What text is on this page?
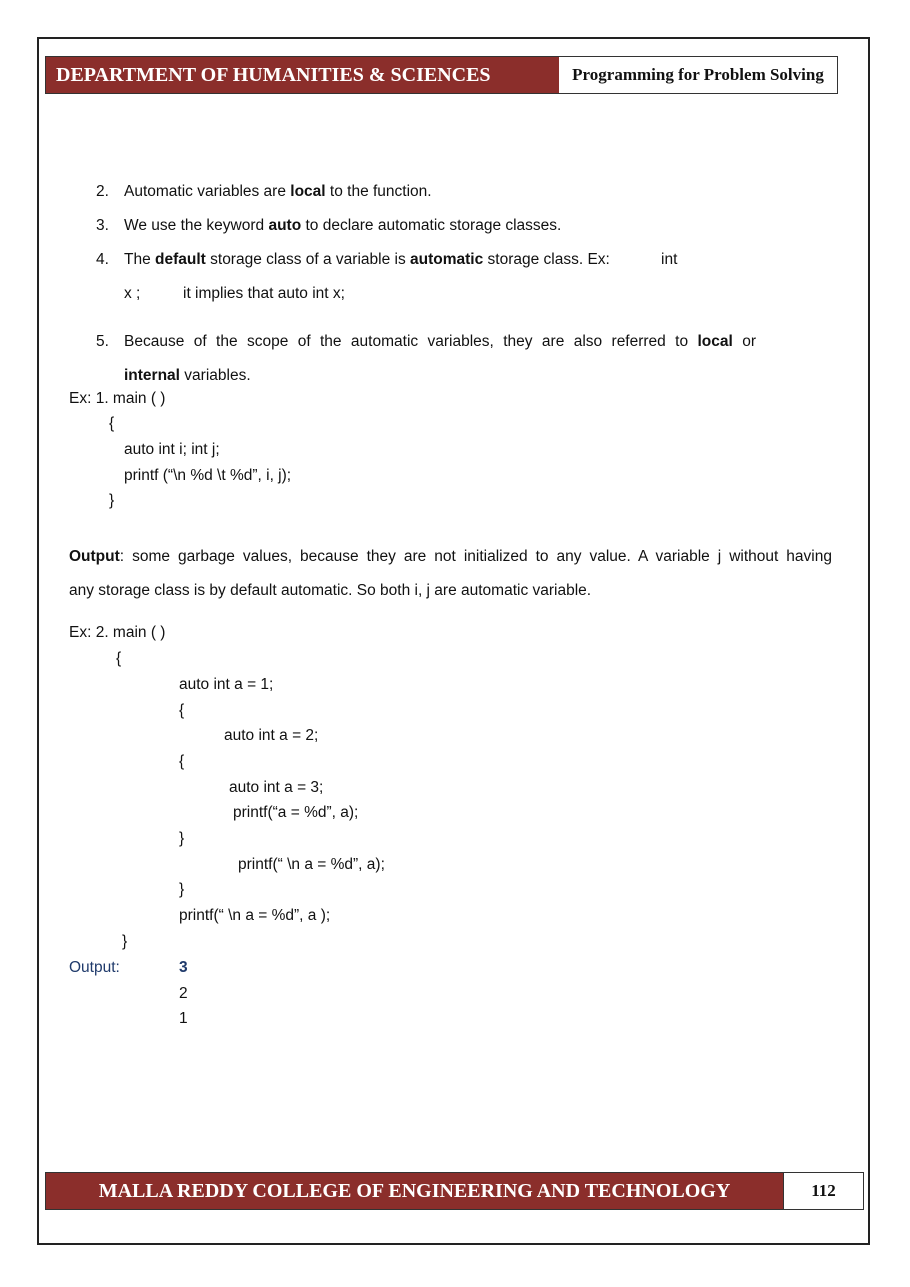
DEPARTMENT OF HUMANITIES & SCIENCES	Programming for Problem Solving
2. Automatic variables are local to the function.
3. We use the keyword auto to declare automatic storage classes.
4. The default storage class of a variable is automatic storage class. Ex:	int
x ;	it implies that auto int x;
5. Because of the scope of the automatic variables, they are also referred to local or
internal variables.
Ex: 1. main ( )
{
auto int i; int j;
printf (“\n %d \t %d”, i, j);
}
Output: some garbage values, because they are not initialized to any value. A variable j without having
any storage class is by default automatic. So both i, j are automatic variable.
Ex: 2. main ( )
{
auto int a = 1;
{
auto int a = 2;
{
auto int a = 3;
printf(“a = %d”, a);
}
printf(“ \n a = %d”, a);
}
printf(“ \n a = %d”, a );
}
Output:	3
2
1
MALLA REDDY COLLEGE OF ENGINEERING AND TECHNOLOGY	112
